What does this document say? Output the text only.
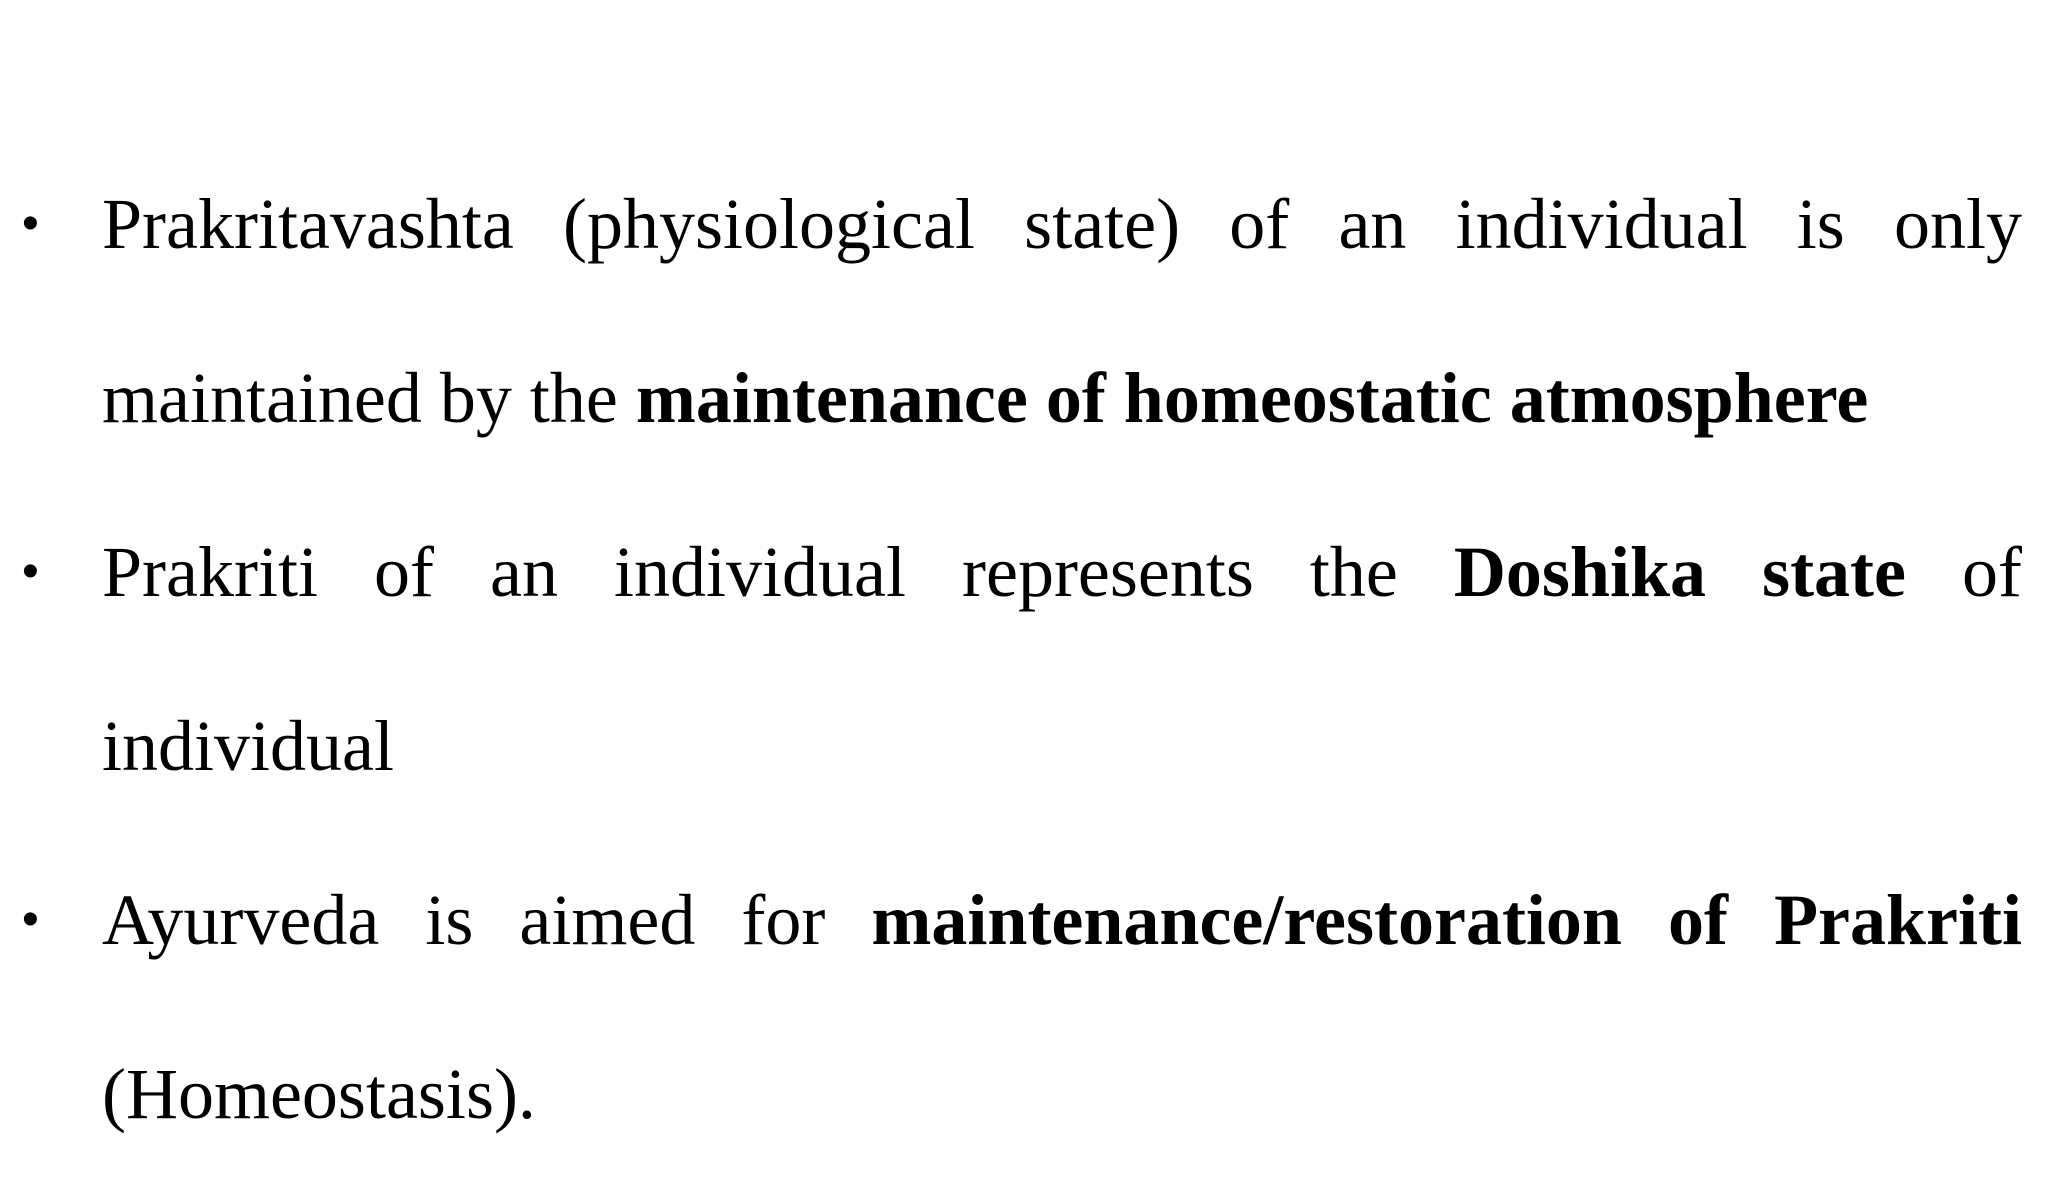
• Prakritavashta (physiological state) of an individual is only maintained by the maintenance of homeostatic atmosphere
• Prakriti of an individual represents the Doshika state of individual
• Ayurveda is aimed for maintenance/restoration of Prakriti (Homeostasis).
